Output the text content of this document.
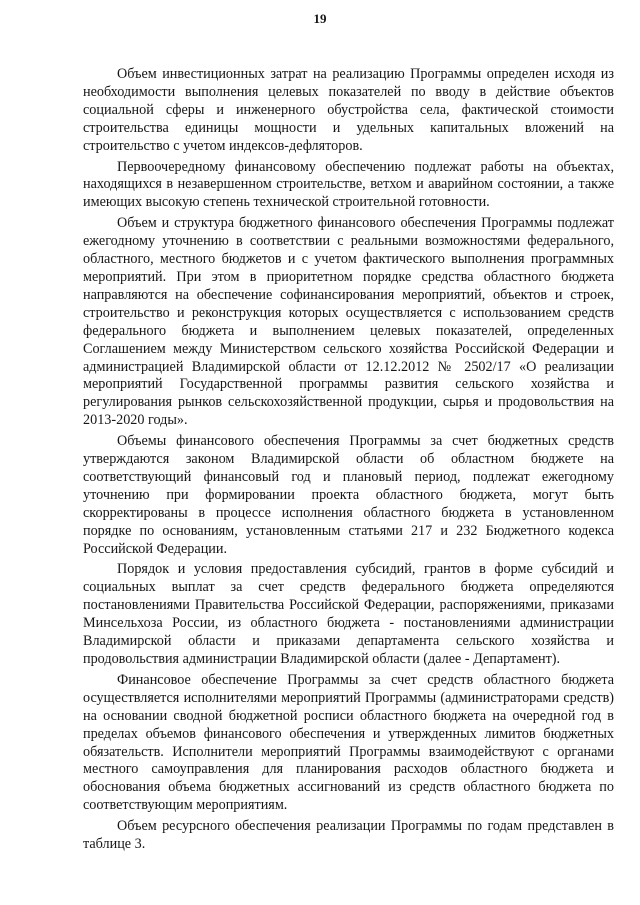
19

Объем инвестиционных затрат на реализацию Программы определен исходя из необходимости выполнения целевых показателей по вводу в действие объектов социальной сферы и инженерного обустройства села, фактической стоимости строительства единицы мощности и удельных капитальных вложений на строительство с учетом индексов-дефляторов.

Первоочередному финансовому обеспечению подлежат работы на объектах, находящихся в незавершенном строительстве, ветхом и аварийном состоянии, а также имеющих высокую степень технической строительной готовности.

Объем и структура бюджетного финансового обеспечения Программы подлежат ежегодному уточнению в соответствии с реальными возможностями федерального, областного, местного бюджетов и с учетом фактического выполнения программных мероприятий. При этом в приоритетном порядке средства областного бюджета направляются на обеспечение софинансирования мероприятий, объектов и строек, строительство и реконструкция которых осуществляется с использованием средств федерального бюджета и выполнением целевых показателей, определенных Соглашением между Министерством сельского хозяйства Российской Федерации и администрацией Владимирской области от 12.12.2012 № 2502/17 «О реализации мероприятий Государственной программы развития сельского хозяйства и регулирования рынков сельскохозяйственной продукции, сырья и продовольствия на 2013-2020 годы».

Объемы финансового обеспечения Программы за счет бюджетных средств утверждаются законом Владимирской области об областном бюджете на соответствующий финансовый год и плановый период, подлежат ежегодному уточнению при формировании проекта областного бюджета, могут быть скорректированы в процессе исполнения областного бюджета в установленном порядке по основаниям, установленным статьями 217 и 232 Бюджетного кодекса Российской Федерации.

Порядок и условия предоставления субсидий, грантов в форме субсидий и социальных выплат за счет средств федерального бюджета определяются постановлениями Правительства Российской Федерации, распоряжениями, приказами Минсельхоза России, из областного бюджета - постановлениями администрации Владимирской области и приказами департамента сельского хозяйства и продовольствия администрации Владимирской области (далее - Департамент).

Финансовое обеспечение Программы за счет средств областного бюджета осуществляется исполнителями мероприятий Программы (администраторами средств) на основании сводной бюджетной росписи областного бюджета на очередной год в пределах объемов финансового обеспечения и утвержденных лимитов бюджетных обязательств. Исполнители мероприятий Программы взаимодействуют с органами местного самоуправления для планирования расходов областного бюджета и обоснования объема бюджетных ассигнований из средств областного бюджета по соответствующим мероприятиям.

Объем ресурсного обеспечения реализации Программы по годам представлен в таблице 3.
